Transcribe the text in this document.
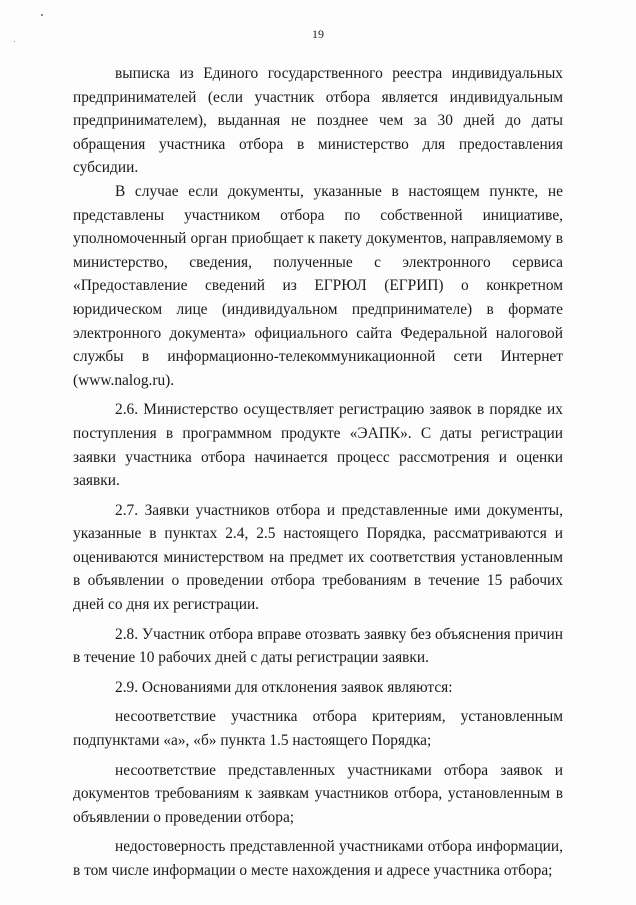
19

выписка из Единого государственного реестра индивидуальных предпринимателей (если участник отбора является индивидуальным предпринимателем), выданная не позднее чем за 30 дней до даты обращения участника отбора в министерство для предоставления субсидии.

В случае если документы, указанные в настоящем пункте, не представлены участником отбора по собственной инициативе, уполномоченный орган приобщает к пакету документов, направляемому в министерство, сведения, полученные с электронного сервиса «Предоставление сведений из ЕГРЮЛ (ЕГРИП) о конкретном юридическом лице (индивидуальном предпринимателе) в формате электронного документа» официального сайта Федеральной налоговой службы в информационно-телекоммуникационной сети Интернет (www.nalog.ru).

2.6. Министерство осуществляет регистрацию заявок в порядке их поступления в программном продукте «ЭАПК». С даты регистрации заявки участника отбора начинается процесс рассмотрения и оценки заявки.

2.7. Заявки участников отбора и представленные ими документы, указанные в пунктах 2.4, 2.5 настоящего Порядка, рассматриваются и оцениваются министерством на предмет их соответствия установленным в объявлении о проведении отбора требованиям в течение 15 рабочих дней со дня их регистрации.

2.8. Участник отбора вправе отозвать заявку без объяснения причин в течение 10 рабочих дней с даты регистрации заявки.

2.9. Основаниями для отклонения заявок являются:

несоответствие участника отбора критериям, установленным подпунктами «а», «б» пункта 1.5 настоящего Порядка;

несоответствие представленных участниками отбора заявок и документов требованиям к заявкам участников отбора, установленным в объявлении о проведении отбора;

недостоверность представленной участниками отбора информации, в том числе информации о месте нахождения и адресе участника отбора;
